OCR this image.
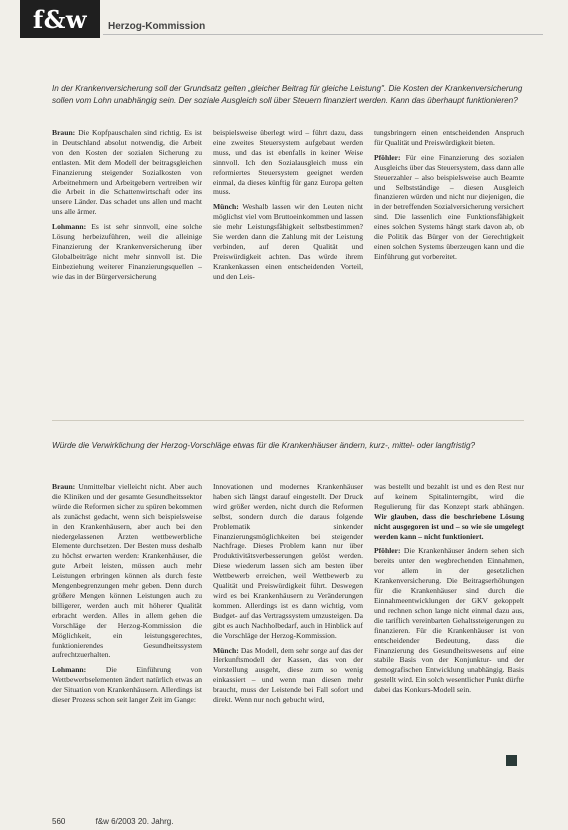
f&w	Herzog-Kommission
In der Krankenversicherung soll der Grundsatz gelten „gleicher Beitrag für gleiche Leistung". Die Kosten der Krankenversicherung sollen vom Lohn unabhängig sein. Der soziale Ausgleich soll über Steuern finanziert werden. Kann das überhaupt funktionieren?

Braun: Die Kopfpauschalen sind richtig. Es ist in Deutschland absolut notwendig, die Arbeit von den Kosten der sozialen Sicherung zu entlasten. Mit dem Modell der beitragsgleichen Finanzierung steigender Sozialkosten von Arbeitnehmern und Arbeitgebern vertreiben wir die Arbeit in die Schattenwirtschaft oder ins unsere Länder. Das schadet uns allen und macht uns alle ärmer.

Lohmann: Es ist sehr sinnvoll, eine solche Lösung herbeizuführen, weil die alleinige Finanzierung der Krankenversicherung über Globalbeiträge nicht mehr sinnvoll ist. Die Einbeziehung weiterer Finanzierungsquellen – wie das in der Bürgerversicherung

beispielsweise überlegt wird – führt dazu, dass eine zweites Steuersystem aufgebaut werden muss, und das ist ebenfalls in keiner Weise sinnvoll. Ich den Sozialausgleich muss ein reformiertes Steuersystem geeignet werden einmal, da dieses künftig für ganz Europa gelten muss.

Münch: Weshalb lassen wir den Leuten nicht möglichst viel vom Bruttoeinkommen und lassen sie mehr Leistungsfähigkeit selbstbestimmen? Sie werden dann die Zahlung mit der Leistung verbinden, auf deren Qualität und Preiswürdigkeit achten. Das würde ihrem Krankenkassen einen entscheidenden Vorteil, und den Leis-

tungsbringern einen entscheidenden Anspruch für Qualität und Preiswürdigkeit bieten.

Pföhler: Für eine Finanzierung des sozialen Ausgleichs über das Steuersystem, dass dann alle Steuerzahler – also beispielsweise auch Beamte und Selbstständige – diesen Ausgleich finanzieren würden und nicht nur diejenigen, die in der betreffenden Sozialversicherung versichert sind. Die lassenlich eine Funktionsfähigkeit eines solchen Systems hängt stark davon ab, ob die Politik das Bürger von der Gerechtigkeit einen solchen Systems überzeugen kann und die Einführung gut vorbereitet.

Würde die Verwirklichung der Herzog-Vorschläge etwas für die Krankenhäuser ändern, kurz-, mittel- oder langfristig?

Braun: Unmittelbar vielleicht nicht. Aber auch die Kliniken und der gesamte Gesundheitssektor würde die Reformen sicher zu spüren bekommen als zunächst gedacht, wenn sich beispielsweise in den Krankenhäusern, aber auch bei den niedergelassenen Ärzten wettbewerbliche Elemente durchsetzen. Der Besten muss deshalb zu höchst erwarten werden: Krankenhäuser, die gute Arbeit leisten, müssen auch mehr Leistungen erbringen können als durch feste Mengenbegrenzungen mehr geben. Denn durch größere Mengen können Leistungen auch zu billigerer, werden auch mit höherer Qualität erbracht werden. Alles in allem gehen die Vorschläge der Herzog-Kommission die Möglichkeit, ein leistungsgerechtes, funktionierendes Gesundheitssystem aufrechtzuerhalten.

Lohmann:	Die Einführung von Wettbewerbselementen ändert natürlich etwas an der Situation von Krankenhäusern. Allerdings ist dieser Prozess schon seit langer Zeit im Gange:

Innovationen und modernes Krankenhäuser haben sich längst darauf eingestellt. Der Druck wird größer werden, nicht durch die Reformen selbst, sondern durch die daraus folgende Problematik sinkender Finanzierungsmöglichkeiten bei steigender Nachfrage. Dieses Problem kann nur über Produktivitätsverbesserungen gelöst werden. Diese wiederum lassen sich am besten über Wettbewerb erreichen, weil Wettbewerb zu Qualität und Preiswürdigkeit führt. Deswegen wird es bei Krankenhäusern zu Veränderungen kommen. Allerdings ist es dann wichtig, vom Budget- auf das Vertragssystem umzusteigen. Da gibt es auch Nachholbedarf, auch in Hinblick auf die Vorschläge der Herzog-Kommission.

Münch: Das Modell, dem sehr sorge auf das der Herkunftsmodell der Kassen, das von der Vorstellung ausgeht, diese zum so wenig einkassiert – und wenn man diesen mehr braucht, muss der Leistende bei Fall sofort und direkt. Wenn nur noch gebucht wird,

was bestellt und bezahlt ist und es den Rest nur auf keinem Spitalinterngibt, wird die Regulierung für das Konzept stark abhängen. Wir glauben, dass die beschriebene Lösung nicht ausgegoren ist und – so wie sie umgelegt werden kann – nicht funktioniert.

Pföhler: Die Krankenhäuser ändern sehen sich bereits unter den wegbrechenden Einnahmen, vor allem in der gesetzlichen Krankenversicherung. Die Beitragserhöhungen für die Krankenhäuser sind durch die Einnahmeentwicklungen der GKV gekoppelt und rechnen schon lange nicht einmal dazu aus, die tariflich vereinbarten Gehaltssteigerungen zu finanzieren. Für die Krankenhäuser ist von entscheidender Bedeutung, dass die Finanzierung des Gesundheitswesens auf eine stabile Basis von der Konjunktur- und der demografischen Entwicklung unabhängig. Basis gestellt wird. Ein solch wesentlicher Punkt dürfte dabei das Konkurs-Modell sein.

560	f&w 6/2003 20. Jahrg.
